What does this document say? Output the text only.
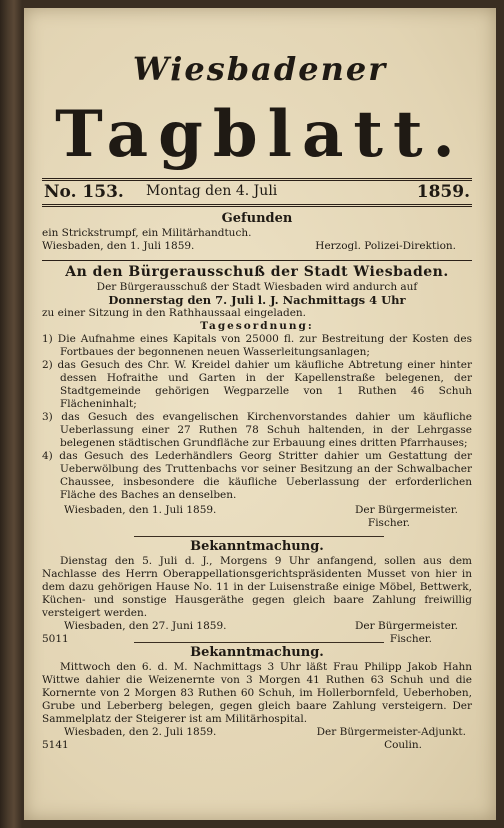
Wiesbadener
Tagblatt.
No. 153. Montag den 4. Juli	1859.
Gefunden
ein Strickstrumpf, ein Militärhandtuch.
Wiesbaden, den 1. Juli 1859.	Herzogl. Polizei-Direktion.
An den Bürgerausschuß der Stadt Wiesbaden.
Der Bürgerausschuß der Stadt Wiesbaden wird andurch auf
Donnerstag den 7. Juli l. J. Nachmittags 4 Uhr
zu einer Sitzung in den Rathhaussaal eingeladen.
Tagesordnung:
1) Die Aufnahme eines Kapitals von 25000 fl. zur Bestreitung der Kosten des Fortbaues der begonnenen neuen Wasserleitungsanlagen;
2) das Gesuch des Chr. W. Kreidel dahier um käufliche Abtretung einer hinter dessen Hofraithe und Garten in der Kapellenstraße belegenen, der Stadtgemeinde gehörigen Wegparzelle von 1 Ruthen 46 Schuh Flächeninhalt;
3) das Gesuch des evangelischen Kirchenvorstandes dahier um käufliche Ueberlassung einer 27 Ruthen 78 Schuh haltenden, in der Lehrgasse belegenen städtischen Grundfläche zur Erbauung eines dritten Pfarrhauses;
4) das Gesuch des Lederhändlers Georg Stritter dahier um Gestattung der Ueberwölbung des Truttenbachs vor seiner Besitzung an der Schwalbacher Chaussee, insbesondere die käufliche Ueberlassung der erforderlichen Fläche des Baches an denselben.
Wiesbaden, den 1. Juli 1859.	Der Bürgermeister.
Fischer.
Bekanntmachung.
Dienstag den 5. Juli d. J., Morgens 9 Uhr anfangend, sollen aus dem Nachlasse des Herrn Oberappellationsgerichtspräsidenten Musset von hier in dem dazu gehörigen Hause No. 11 in der Luisenstraße einige Möbel, Bettwerk, Küchen- und sonstige Hausgeräthe gegen gleich baare Zahlung freiwillig versteigert werden.
Wiesbaden, den 27. Juni 1859.	Der Bürgermeister.
5011	Fischer.
Bekanntmachung.
Mittwoch den 6. d. M. Nachmittags 3 Uhr läßt Frau Philipp Jakob Hahn Wittwe dahier die Weizenernte von 3 Morgen 41 Ruthen 63 Schuh und die Kornernte von 2 Morgen 83 Ruthen 60 Schuh, im Hollerbornfeld, Ueberhoben, Grube und Leberberg belegen, gegen gleich baare Zahlung versteigern. Der Sammelplatz der Steigerer ist am Militärhospital.
Wiesbaden, den 2. Juli 1859.	Der Bürgermeister-Adjunkt.
5141	Coulin.
